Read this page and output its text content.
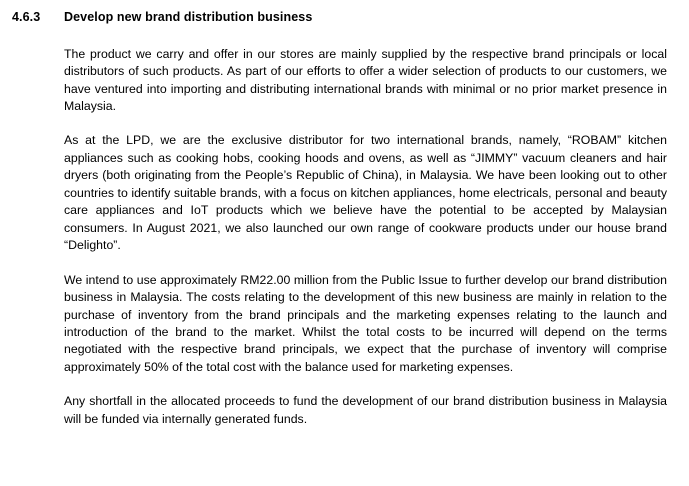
4.6.3	Develop new brand distribution business

The product we carry and offer in our stores are mainly supplied by the respective brand principals or local distributors of such products. As part of our efforts to offer a wider selection of products to our customers, we have ventured into importing and distributing international brands with minimal or no prior market presence in Malaysia.

As at the LPD, we are the exclusive distributor for two international brands, namely, “ROBAM” kitchen appliances such as cooking hobs, cooking hoods and ovens, as well as “JIMMY” vacuum cleaners and hair dryers (both originating from the People’s Republic of China), in Malaysia. We have been looking out to other countries to identify suitable brands, with a focus on kitchen appliances, home electricals, personal and beauty care appliances and IoT products which we believe have the potential to be accepted by Malaysian consumers. In August 2021, we also launched our own range of cookware products under our house brand “Delighto”.

We intend to use approximately RM22.00 million from the Public Issue to further develop our brand distribution business in Malaysia. The costs relating to the development of this new business are mainly in relation to the purchase of inventory from the brand principals and the marketing expenses relating to the launch and introduction of the brand to the market. Whilst the total costs to be incurred will depend on the terms negotiated with the respective brand principals, we expect that the purchase of inventory will comprise approximately 50% of the total cost with the balance used for marketing expenses.

Any shortfall in the allocated proceeds to fund the development of our brand distribution business in Malaysia will be funded via internally generated funds.
